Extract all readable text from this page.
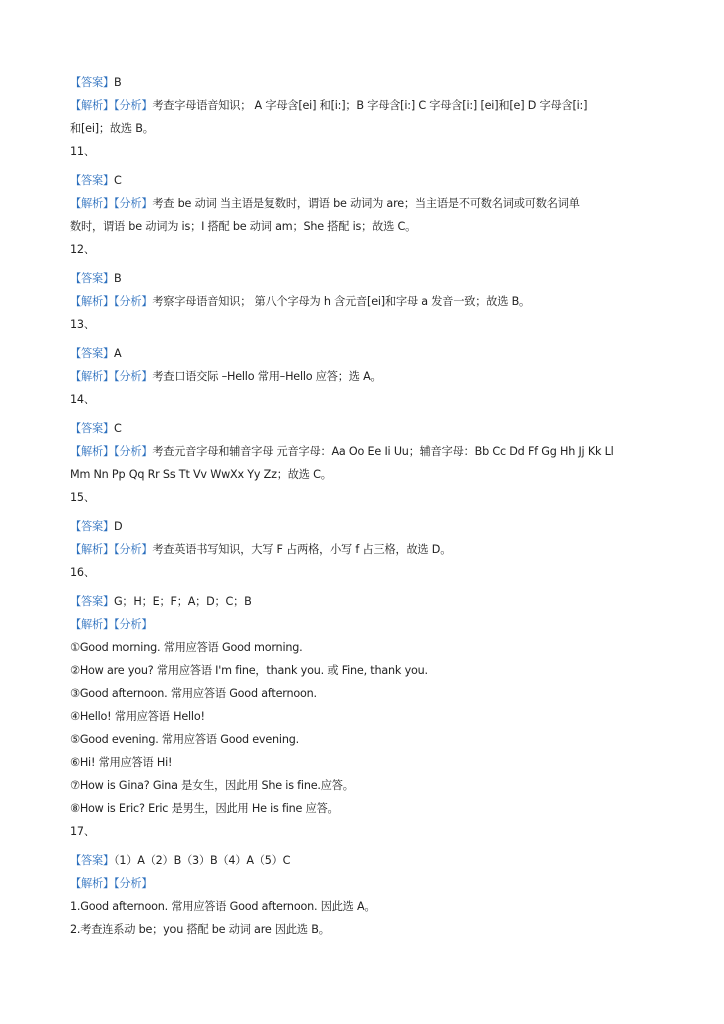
【答案】B
【解析】【分析】考查字母语音知识； A 字母含[ei] 和[i:]；B 字母含[i:] C 字母含[i:] [ei]和[e] D 字母含[i:]
和[ei]；故选 B。
11、
【答案】C
【解析】【分析】考查 be 动词 当主语是复数时，谓语 be 动词为 are；当主语是不可数名词或可数名词单
数时，谓语 be 动词为 is；I 搭配 be 动词 am；She 搭配 is；故选 C。
12、
【答案】B
【解析】【分析】考察字母语音知识； 第八个字母为 h 含元音[ei]和字母 a 发音一致；故选 B。
13、
【答案】A
【解析】【分析】考查口语交际 –Hello 常用–Hello 应答；选 A。
14、
【答案】C
【解析】【分析】考查元音字母和辅音字母 元音字母：Aa Oo Ee Ii Uu；辅音字母：Bb Cc Dd Ff Gg Hh Jj Kk Ll
Mm Nn Pp Qq Rr Ss Tt Vv WwXx Yy Zz；故选 C。
15、
【答案】D
【解析】【分析】考查英语书写知识，大写 F 占两格，小写 f 占三格，故选 D。
16、
【答案】G；H；E；F；A；D；C；B
【解析】【分析】
①Good morning. 常用应答语 Good morning.
②How are you? 常用应答语 I'm fine，thank you. 或 Fine, thank you.
③Good afternoon. 常用应答语 Good afternoon.
④Hello! 常用应答语 Hello!
⑤Good evening. 常用应答语 Good evening.
⑥Hi! 常用应答语 Hi!
⑦How is Gina? Gina 是女生，因此用 She is fine.应答。
⑧How is Eric? Eric 是男生，因此用 He is fine 应答。
17、
【答案】（1）A（2）B（3）B（4）A（5）C
【解析】【分析】
1.Good afternoon. 常用应答语 Good afternoon. 因此选 A。
2.考查连系动 be；you 搭配 be 动词 are 因此选 B。
